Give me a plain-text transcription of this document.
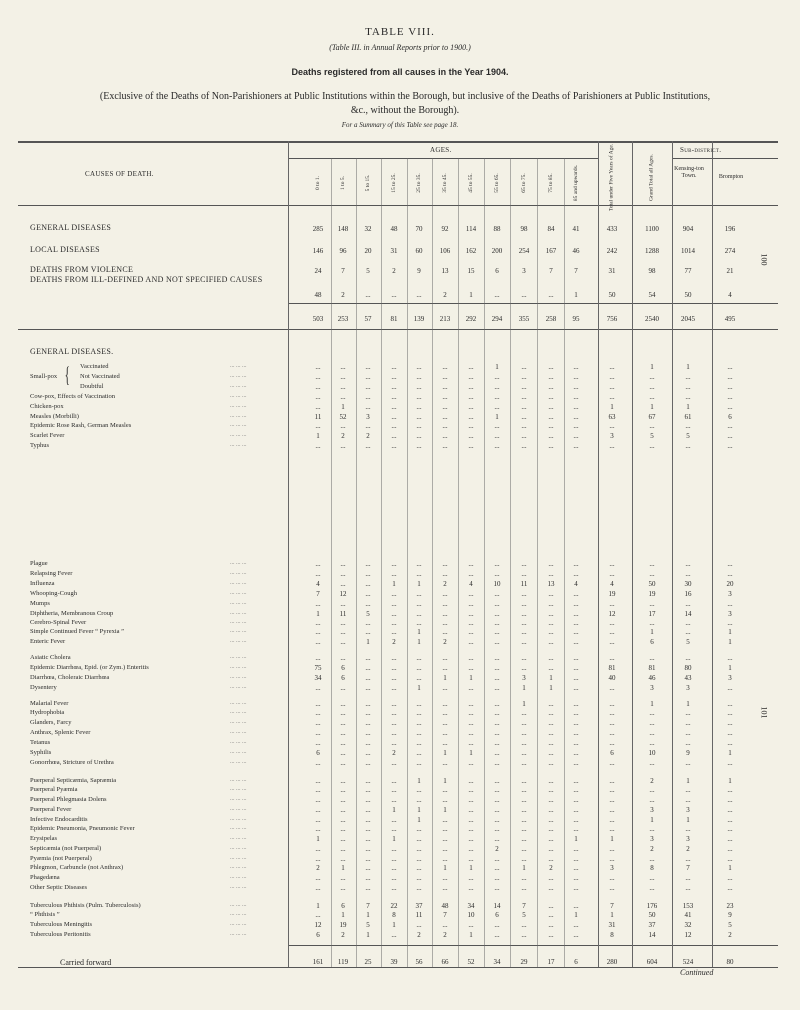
TABLE VIII.
(Table III. in Annual Reports prior to 1900.)
Deaths registered from all causes in the Year 1904.
(Exclusive of the Deaths of Non-Parishioners at Public Institutions within the Borough, but inclusive of the Deaths of Parishioners at Public Institutions, &c., without the Borough).
For a Summary of this Table see page 18.
100
101
CAUSES OF DEATH.
AGES.	Sub-district.
0 to 1.	1 to 5.	5 to 15.	15 to 25.	25 to 35.	35 to 45.	45 to 55.	55 to 65.	65 to 75.	75 to 85.	85 and upwards.	Total under Five Years of Age.	Grand Total all Ages.	Kensing-ton Town.	Brompton
GENERAL DISEASES	285	148	32	48	70	92	114	88	98	84	41	433	1100	904	196
LOCAL DISEASES	146	96	20	31	60	106	162	200	254	167	46	242	1288	1014	274
DEATHS FROM VIOLENCE	24	7	5	2	9	13	15	6	3	7	7	31	98	77	21
DEATHS FROM ILL-DEFINED AND NOT SPECIFIED CAUSES
48	2	...	...	...	2	1	...	...	...	1	50	54	50	4
503	253	57	81	139	213	292	294	355	258	95	756	2540	2045	495
GENERAL DISEASES.
Small-pox { Vaccinated	... ... ...	...	...	...	...	...	...	...	1	...	...	...	...	1	1	...
Not Vaccinated	... ... ...	...	...	...	...	...	...	...	...	...	...	...	...	...	...	...
Doubtful	... ... ...	...	...	...	...	...	...	...	...	...	...	...	...	...	...	...
Cow-pox, Effects of Vaccination	... ... ...	...	...	...	...	...	...	...	...	...	...	...	...	...	...	...
Chicken-pox	... ... ...	...	1	...	...	...	...	...	...	...	...	...	1	1	1	...
Measles (Morbilli)	... ... ...	11	52	3	...	...	...	...	1	...	...	...	63	67	61	6
Epidemic Rose Rash, German Measles	... ... ...	...	...	...	...	...	...	...	...	...	...	...	...	...	...	...
Scarlet Fever	... ... ...	1	2	2	...	...	...	...	...	...	...	...	3	5	5	...
Typhus	... ... ...	...	...	...	...	...	...	...	...	...	...	...	...	...	...	...
Plague	... ... ...	...	...	...	...	...	...	...	...	...	...	...	...	...	...	...
Relapsing Fever	... ... ...	...	...	...	...	...	...	...	...	...	...	...	...	...	...	...
Influenza	... ... ...	4	...	...	1	1	2	4	10	11	13	4	4	50	30	20
Whooping-Cough	... ... ...	7	12	...	...	...	...	...	...	...	...	...	19	19	16	3
Mumps	... ... ...	...	...	...	...	...	...	...	...	...	...	...	...	...	...	...
Diphtheria, Membranous Croup	... ... ...	1	11	5	...	...	...	...	...	...	...	...	12	17	14	3
Cerebro-Spinal Fever	... ... ...	...	...	...	...	...	...	...	...	...	...	...	...	...	...	...
Simple Continued Fever “ Pyrexia ”	... ... ...	...	...	...	...	1	...	...	...	...	...	...	...	1	...	1
Enteric Fever	... ... ...	...	...	1	2	1	2	...	...	...	...	...	...	6	5	1
Asiatic Cholera	... ... ...	...	...	...	...	...	...	...	...	...	...	...	...	...	...	...
Epidemic Diarrhœa, Epid. (or Zym.) Enteritis	... ... ...	75	6	...	...	...	...	...	...	...	...	...	81	81	80	1
Diarrhœa, Choleraic Diarrhœa	... ... ...	34	6	...	...	...	1	1	...	3	1	...	40	46	43	3
Dysentery	... ... ...	...	...	...	...	1	...	...	...	1	1	...	...	3	3	...
Malarial Fever	... ... ...	...	...	...	...	...	...	...	...	1	...	...	...	1	1	...
Hydrophobia	... ... ...	...	...	...	...	...	...	...	...	...	...	...	...	...	...	...
Glanders, Farcy	... ... ...	...	...	...	...	...	...	...	...	...	...	...	...	...	...	...
Anthrax, Splenic Fever	... ... ...	...	...	...	...	...	...	...	...	...	...	...	...	...	...	...
Tetanus	... ... ...	...	...	...	...	...	...	...	...	...	...	...	...	...	...	...
Syphilis	... ... ...	6	...	...	2	...	1	1	...	...	...	...	6	10	9	1
Gonorrhœa, Stricture of Urethra	... ... ...	...	...	...	...	...	...	...	...	...	...	...	...	...	...	...
Puerperal Septicæmia, Sapræmia	... ... ...	...	...	...	...	1	1	...	...	...	...	...	...	2	1	1
Puerperal Pyæmia	... ... ...	...	...	...	...	...	...	...	...	...	...	...	...	...	...	...
Puerperal Phlegmasia Dolens	... ... ...	...	...	...	...	...	...	...	...	...	...	...	...	...	...	...
Puerperal Fever	... ... ...	...	...	...	1	1	1	...	...	...	...	...	...	3	3	...
Infective Endocarditis	... ... ...	...	...	...	...	1	...	...	...	...	...	...	...	1	1	...
Epidemic Pneumonia, Pneumonic Fever	... ... ...	...	...	...	...	...	...	...	...	...	...	...	...	...	...	...
Erysipelas	... ... ...	1	...	...	1	...	...	...	...	...	...	1	1	3	3	...
Septicæmia (not Puerperal)	... ... ...	...	...	...	...	...	...	...	2	...	...	...	...	2	2	...
Pyæmia (not Puerperal)	... ... ...	...	...	...	...	...	...	...	...	...	...	...	...	...	...	...
Phlegmon, Carbuncle (not Anthrax)	... ... ...	2	1	...	...	...	1	1	...	1	2	...	3	8	7	1
Phagedæna	... ... ...	...	...	...	...	...	...	...	...	...	...	...	...	...	...	...
Other Septic Diseases	... ... ...	...	...	...	...	...	...	...	...	...	...	...	...	...	...	...
Tuberculous Phthisis (Pulm. Tuberculosis)	... ... ...	1	6	7	22	37	48	34	14	7	...	...	7	176	153	23
“ Phthisis ”	... ... ...	...	1	1	8	11	7	10	6	5	...	1	1	50	41	9
Tuberculous Meningitis	... ... ...	12	19	5	1	...	...	...	...	...	...	...	31	37	32	5
Tuberculous Peritonitis	... ... ...	6	2	1	...	2	2	1	...	...	...	...	8	14	12	2
Carried forward	161	119	25	39	56	66	52	34	29	17	6	280	604	524	80
Continued
